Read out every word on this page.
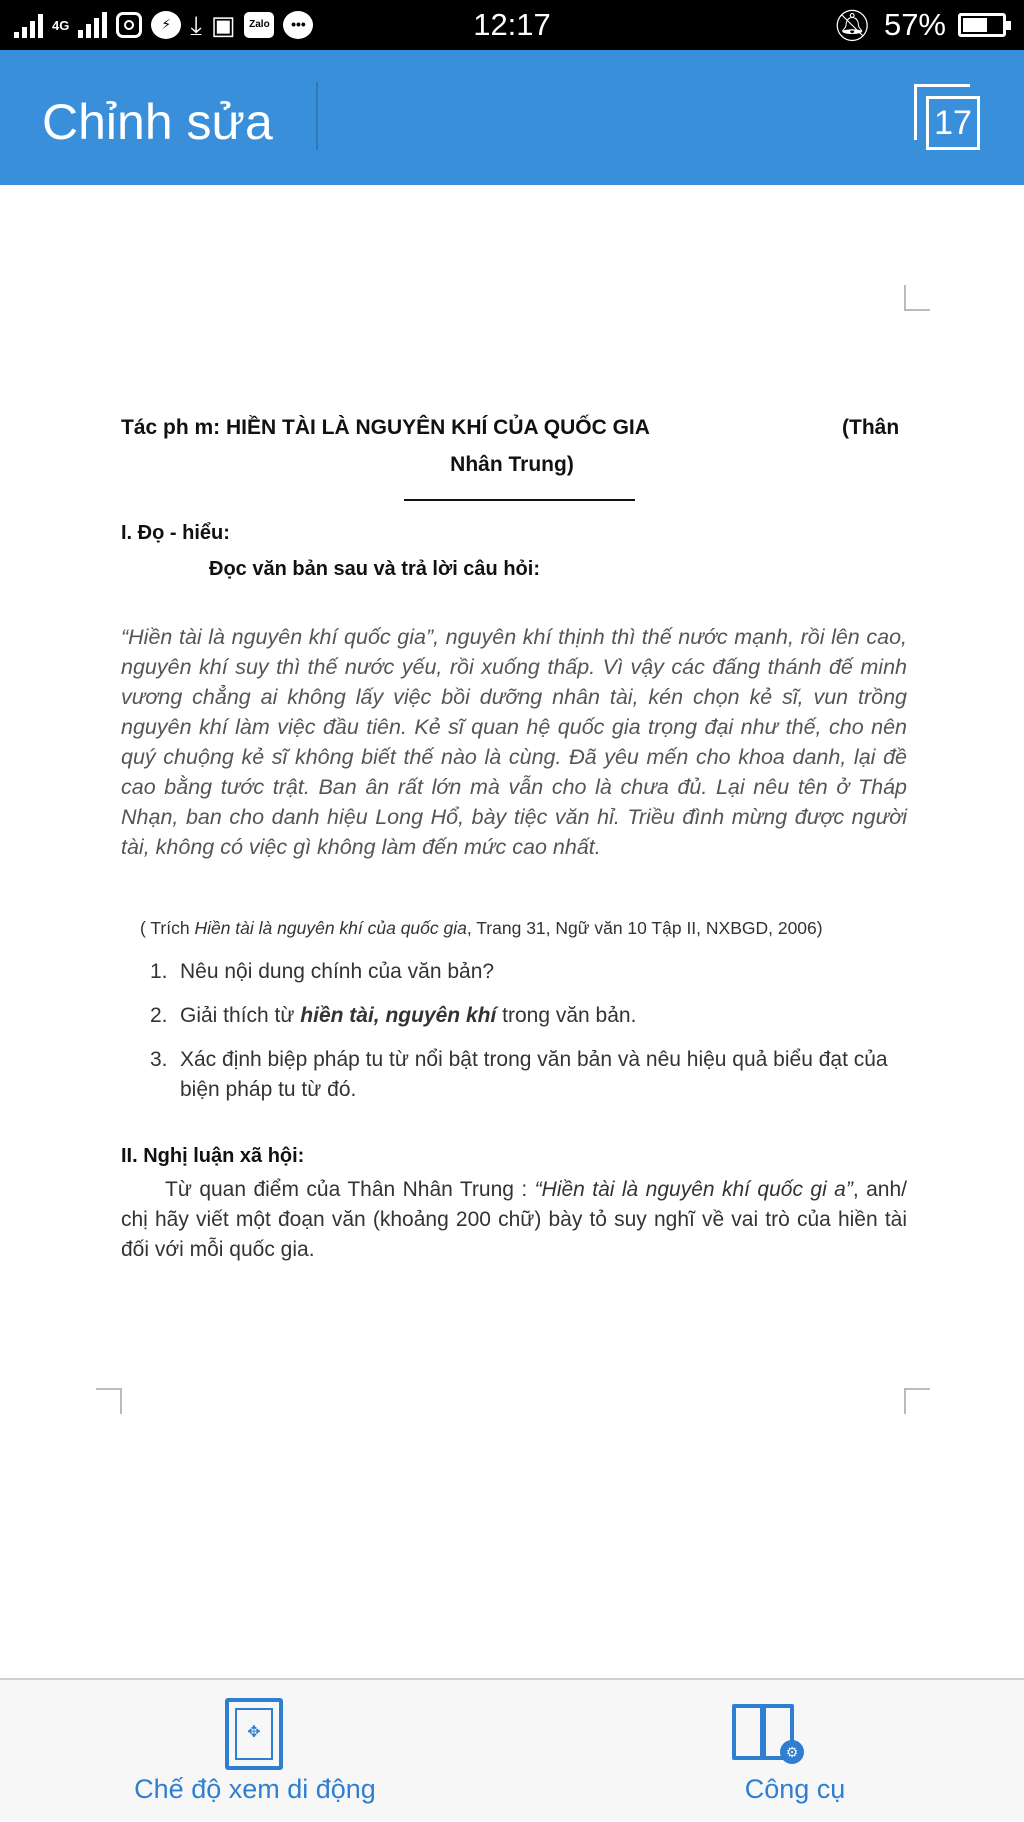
4G	⚡ ⤓ ▣	Zalo	•••	12:17	🔕︎ 57%
Chỉnh sửa	17
Tác ph m: HIỀN TÀI LÀ NGUYÊN KHÍ CỦA QUỐC GIA	(Thân
Nhân Trung)
I. Đọ - hiểu:
Đọc văn bản sau và trả lời câu hỏi:
“Hiền tài là nguyên khí quốc gia”, nguyên khí thịnh thì thế nước mạnh, rồi lên cao, nguyên khí suy thì thế nước yếu, rồi xuống thấp. Vì vậy các đấng thánh đế minh vương chẳng ai không lấy việc bồi dưỡng nhân tài, kén chọn kẻ sĩ, vun trồng nguyên khí làm việc đầu tiên. Kẻ sĩ quan hệ quốc gia trọng đại như thế, cho nên quý chuộng kẻ sĩ không biết thế nào là cùng. Đã yêu mến cho khoa danh, lại đề cao bằng tước trật. Ban ân rất lớn mà vẫn cho là chưa đủ. Lại nêu tên ở Tháp Nhạn, ban cho danh hiệu Long Hổ, bày tiệc văn hỉ. Triều đình mừng được người tài, không có việc gì không làm đến mức cao nhất.
( Trích Hiền tài là nguyên khí của quốc gia, Trang 31, Ngữ văn 10 Tập II, NXBGD, 2006)
1. Nêu nội dung chính của văn bản?
2. Giải thích từ hiền tài, nguyên khí trong văn bản.
3. Xác định biệp pháp tu từ nổi bật trong văn bản và nêu hiệu quả biểu đạt của biện pháp tu từ đó.
II. Nghị luận xã hội:
Từ quan điểm của Thân Nhân Trung : “Hiền tài là nguyên khí quốc gi a”, anh/ chị hãy viết một đoạn văn (khoảng 200 chữ) bày tỏ suy nghĩ về vai trò của hiền tài đối với mỗi quốc gia.
✥
Chế độ xem di động
⚙
Công cụ
